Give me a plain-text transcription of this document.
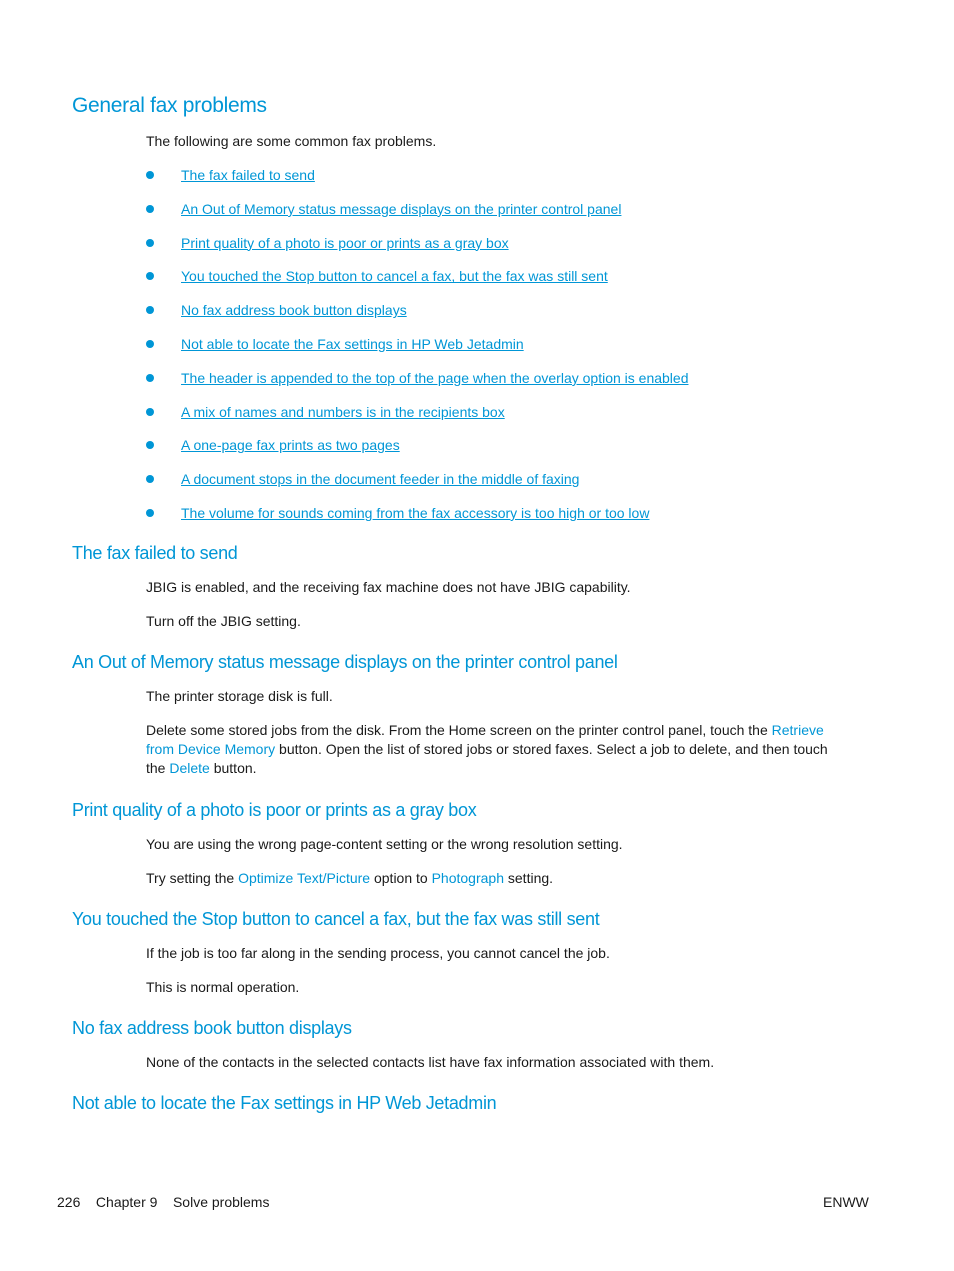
General fax problems

The following are some common fax problems.

The fax failed to send
An Out of Memory status message displays on the printer control panel
Print quality of a photo is poor or prints as a gray box
You touched the Stop button to cancel a fax, but the fax was still sent
No fax address book button displays
Not able to locate the Fax settings in HP Web Jetadmin
The header is appended to the top of the page when the overlay option is enabled
A mix of names and numbers is in the recipients box
A one-page fax prints as two pages
A document stops in the document feeder in the middle of faxing
The volume for sounds coming from the fax accessory is too high or too low
The fax failed to send

JBIG is enabled, and the receiving fax machine does not have JBIG capability.

Turn off the JBIG setting.

An Out of Memory status message displays on the printer control panel

The printer storage disk is full.

Delete some stored jobs from the disk. From the Home screen on the printer control panel, touch the Retrieve from Device Memory button. Open the list of stored jobs or stored faxes. Select a job to delete, and then touch the Delete button.

Print quality of a photo is poor or prints as a gray box

You are using the wrong page-content setting or the wrong resolution setting.

Try setting the Optimize Text/Picture option to Photograph setting.

You touched the Stop button to cancel a fax, but the fax was still sent

If the job is too far along in the sending process, you cannot cancel the job.

This is normal operation.

No fax address book button displays

None of the contacts in the selected contacts list have fax information associated with them.

Not able to locate the Fax settings in HP Web Jetadmin
226 Chapter 9 Solve problems	ENWW
